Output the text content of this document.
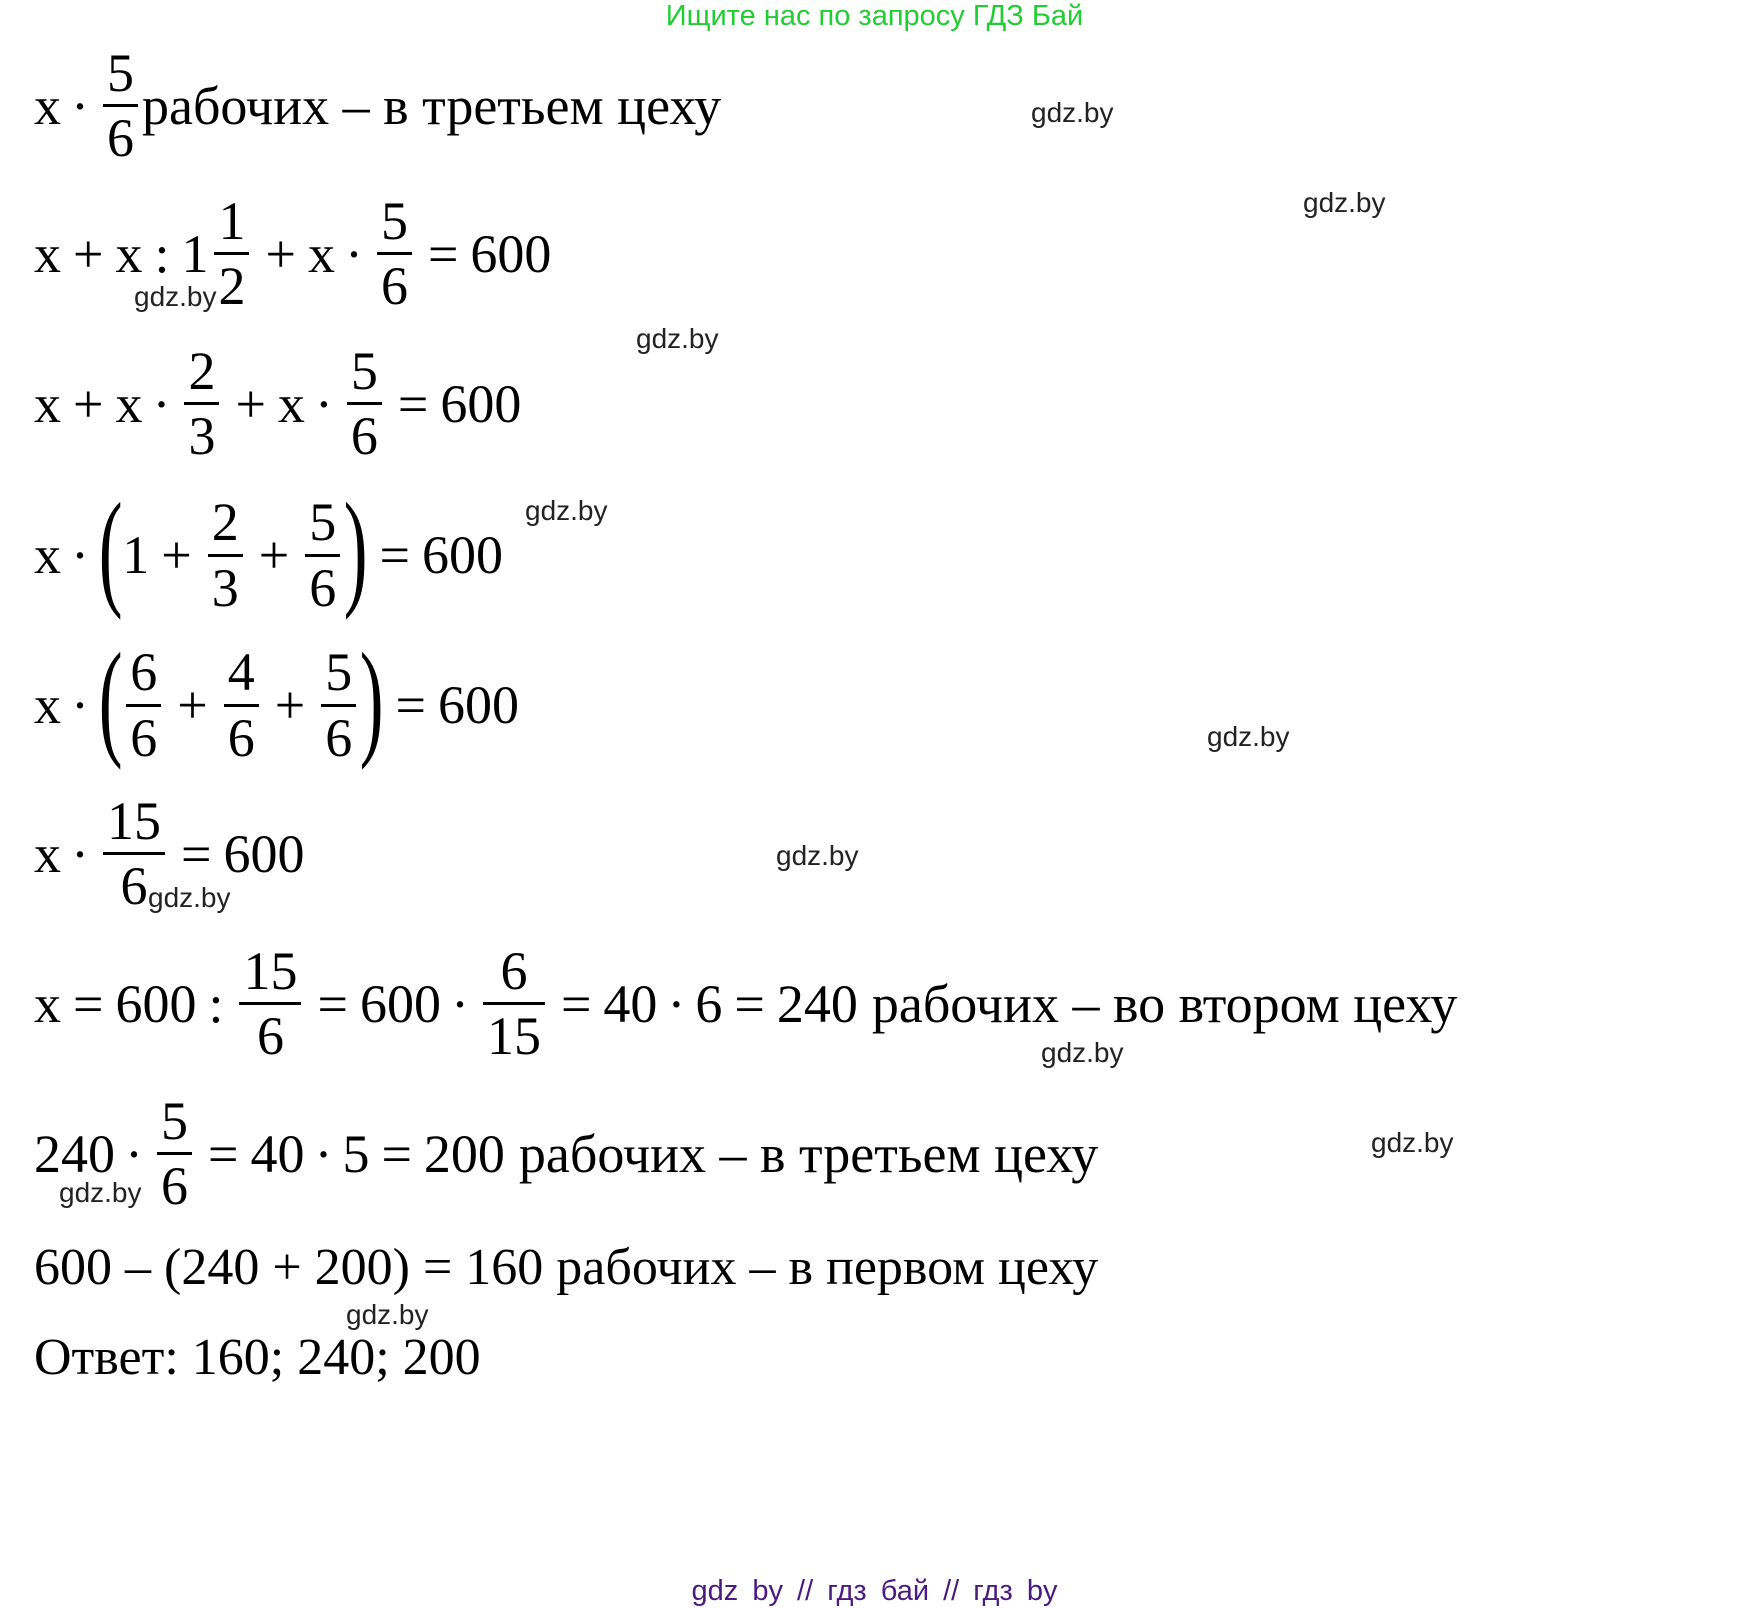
Ищите нас по запросу ГДЗ Бай
$x \cdot \frac{5}{6}$ рабочих – в третьем цеху
x + x : $1 \frac{1}{2} + x \cdot \frac{5}{6} = 600$
$x + x \cdot \frac{2}{3} + x \cdot \frac{5}{6} = 600$
x · ( $1 + \frac{2}{3} + \frac{5}{6}$ ) = 600
x · ( $\frac{6}{6} + \frac{4}{6} + \frac{5}{6}$ ) = 600
$x \cdot \frac{15}{6} = 600$
x = 600 : $\frac{15}{6} = 600 \cdot \frac{6}{15} = 40 \cdot 6 = 240$ рабочих – во втором цеху
$240 \cdot \frac{5}{6} = 40 \cdot 5 = 200$ рабочих – в третьем цеху
600 – (240 + 200) = 160 рабочих – в первом цеху
Ответ: 160; 240; 200
gdz.by
gdz.by
gdz.by
gdz.by
gdz.by
gdz.by
gdz.by
gdz.by
gdz.by
gdz.by
gdz.by
gdz.by
gdz by // гдз бай // гдз by
